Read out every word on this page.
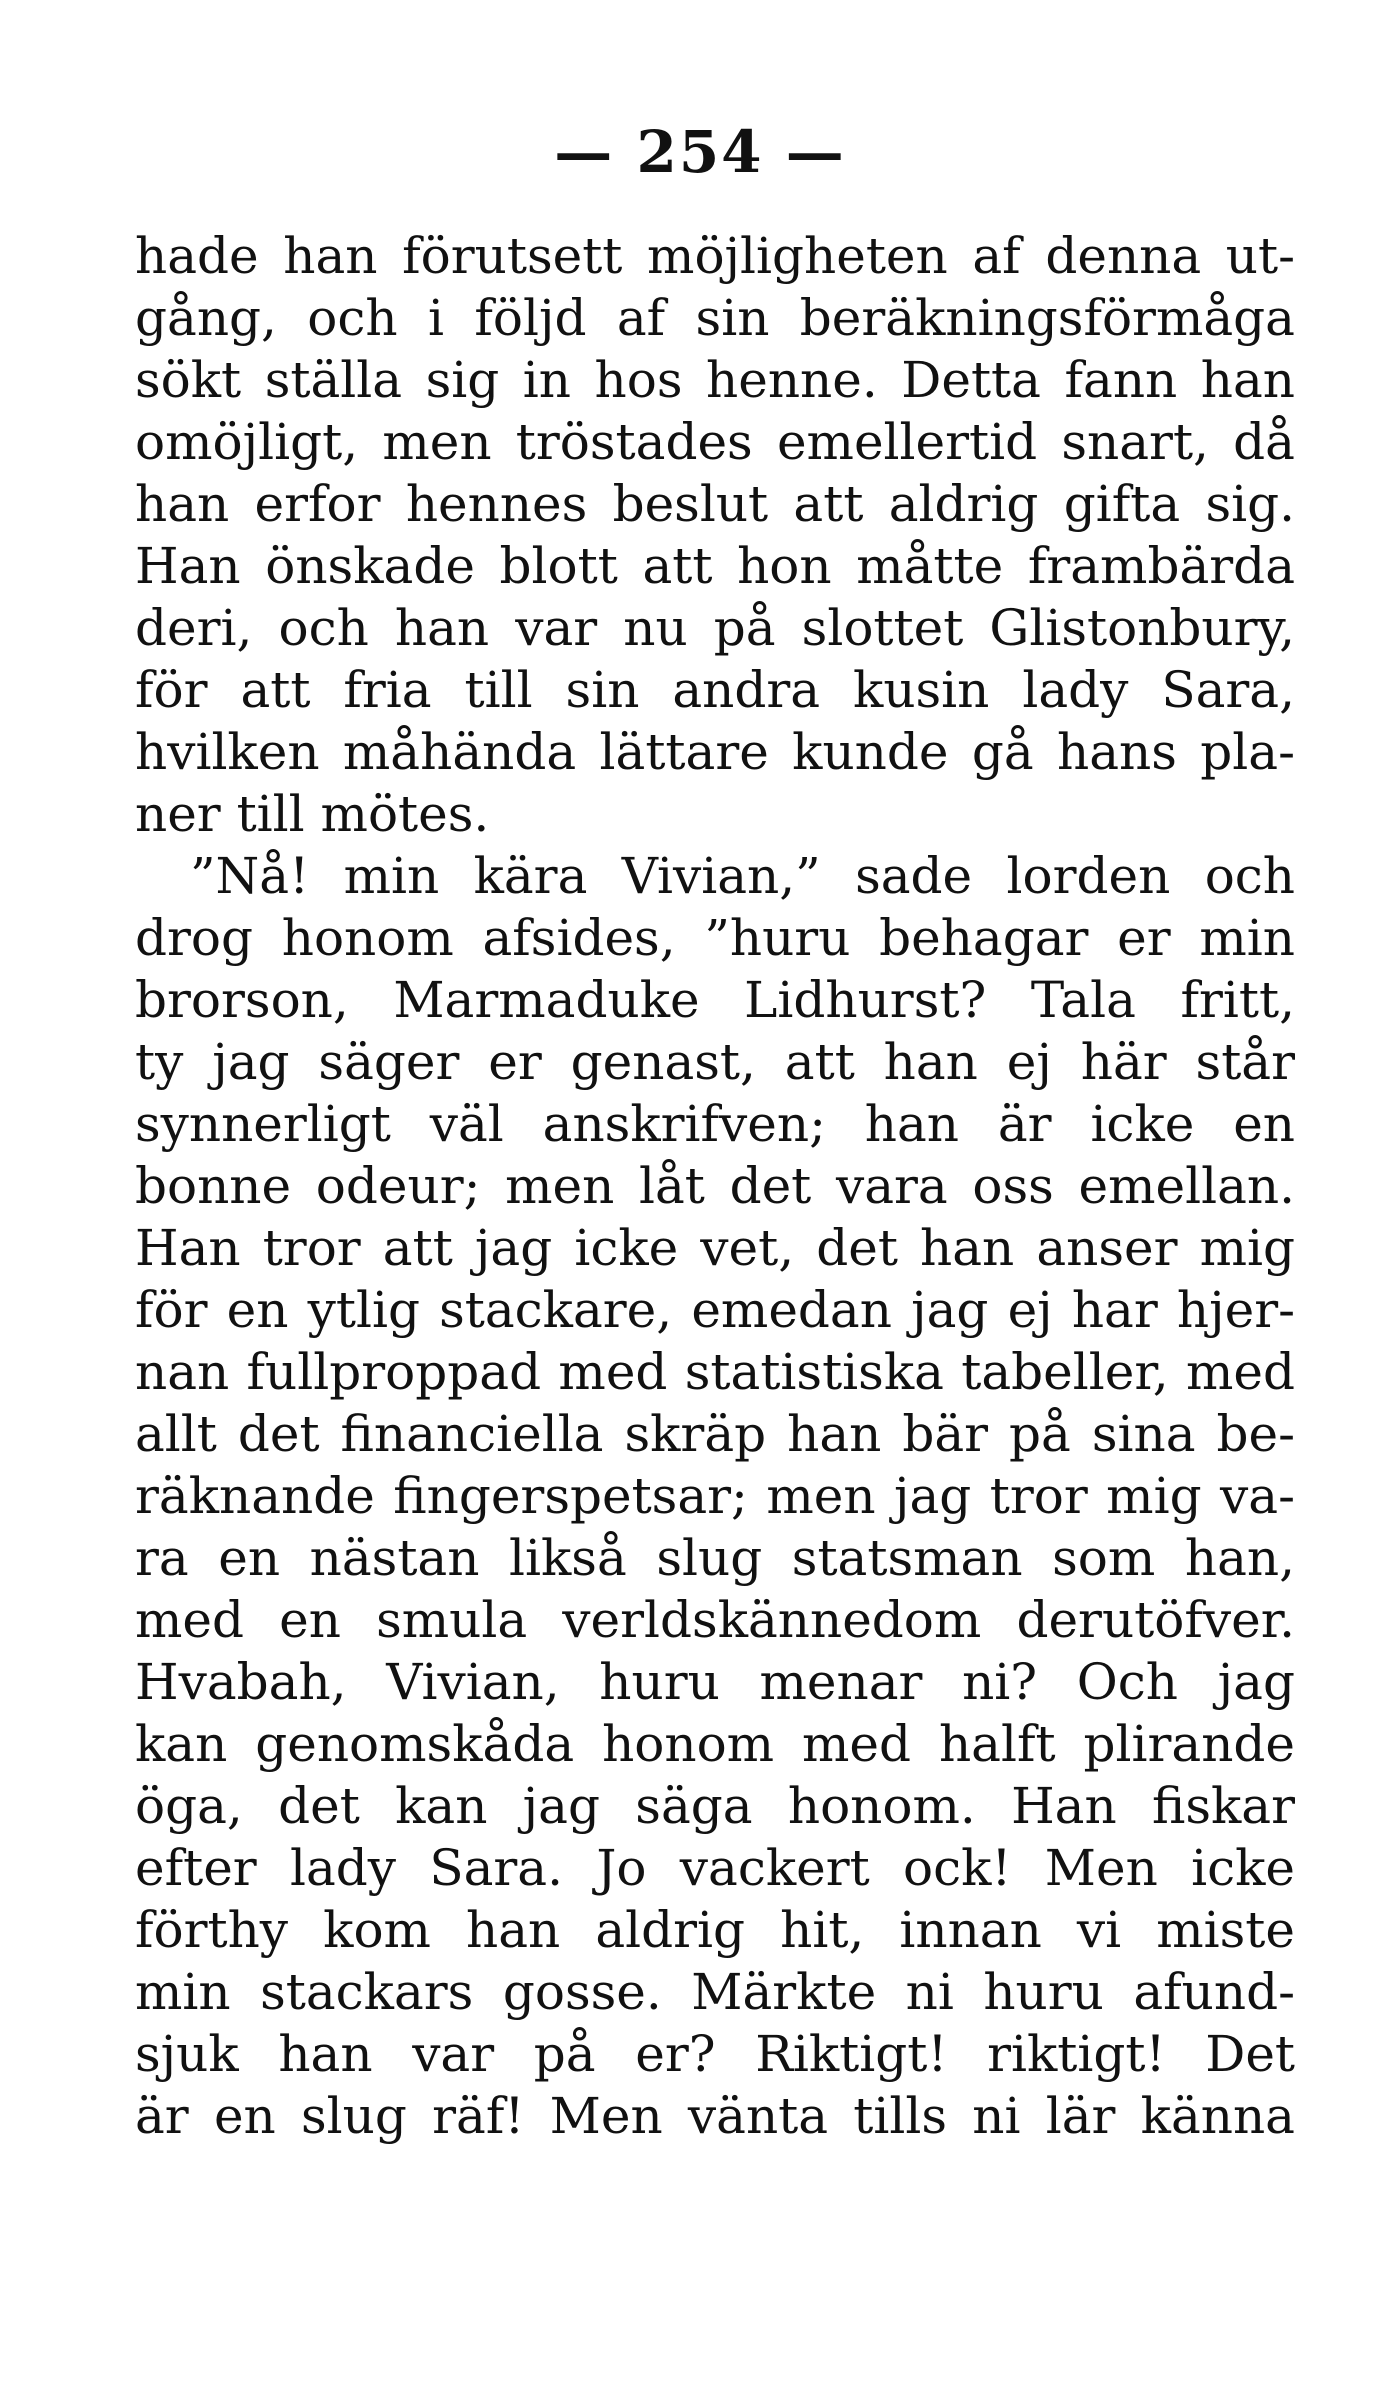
— 254 —
hade han förutsett möjligheten af denna ut-
gång, och i följd af sin beräkningsförmåga
sökt ställa sig in hos henne. Detta fann han
omöjligt, men tröstades emellertid snart, då
han erfor hennes beslut att aldrig gifta sig.
Han önskade blott att hon måtte frambärda
deri, och han var nu på slottet Glistonbury,
för att fria till sin andra kusin lady Sara,
hvilken måhända lättare kunde gå hans pla-
ner till mötes.
”Nå! min kära Vivian,” sade lorden och
drog honom afsides, ”huru behagar er min
brorson, Marmaduke Lidhurst? Tala fritt,
ty jag säger er genast, att han ej här står
synnerligt väl anskrifven; han är icke en
bonne odeur; men låt det vara oss emellan.
Han tror att jag icke vet, det han anser mig
för en ytlig stackare, emedan jag ej har hjer-
nan fullproppad med statistiska tabeller, med
allt det financiella skräp han bär på sina be-
räknande fingerspetsar; men jag tror mig va-
ra en nästan likså slug statsman som han,
med en smula verldskännedom derutöfver.
Hvabah, Vivian, huru menar ni? Och jag
kan genomskåda honom med halft plirande
öga, det kan jag säga honom. Han fiskar
efter lady Sara. Jo vackert ock! Men icke
förthy kom han aldrig hit, innan vi miste
min stackars gosse. Märkte ni huru afund-
sjuk han var på er? Riktigt! riktigt! Det
är en slug räf! Men vänta tills ni lär känna
